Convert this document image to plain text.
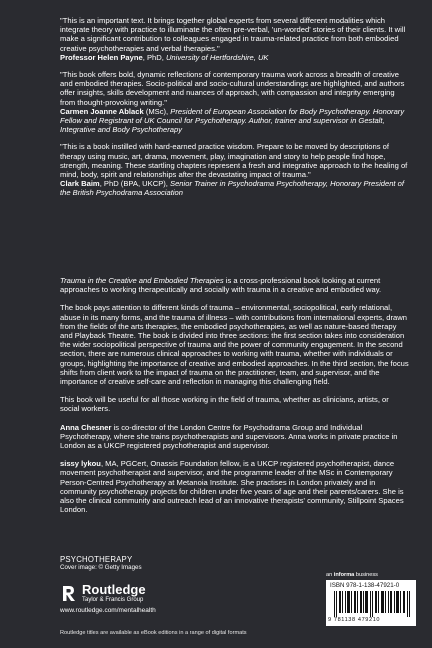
"This is an important text. It brings together global experts from several different modalities which integrate theory with practice to illuminate the often pre-verbal, 'un-worded' stories of their clients. It will make a significant contribution to colleagues engaged in trauma-related practice from both embodied creative psychotherapies and verbal therapies."
Professor Helen Payne, PhD, University of Hertfordshire, UK
"This book offers bold, dynamic reflections of contemporary trauma work across a breadth of creative and embodied therapies. Socio-political and socio-cultural understandings are highlighted, and authors offer insights, skills development and nuances of approach, with compassion and integrity emerging from thought-provoking writing."
Carmen Joanne Ablack (MSc), President of European Association for Body Psychotherapy. Honorary Fellow and Registrant of UK Council for Psychotherapy. Author, trainer and supervisor in Gestalt, Integrative and Body Psychotherapy
"This is a book instilled with hard-earned practice wisdom. Prepare to be moved by descriptions of therapy using music, art, drama, movement, play, imagination and story to help people find hope, strength, meaning. These startling chapters represent a fresh and integrative approach to the healing of mind, body, spirit and relationships after the devastating impact of trauma."
Clark Baim, PhD (BPA, UKCP), Senior Trainer in Psychodrama Psychotherapy, Honorary President of the British Psychodrama Association
Trauma in the Creative and Embodied Therapies is a cross-professional book looking at current approaches to working therapeutically and socially with trauma in a creative and embodied way.
The book pays attention to different kinds of trauma – environmental, sociopolitical, early relational, abuse in its many forms, and the trauma of illness – with contributions from international experts, drawn from the fields of the arts therapies, the embodied psychotherapies, as well as nature-based therapy and Playback Theatre. The book is divided into three sections: the first section takes into consideration the wider sociopolitical perspective of trauma and the power of community engagement. In the second section, there are numerous clinical approaches to working with trauma, whether with individuals or groups, highlighting the importance of creative and embodied approaches. In the third section, the focus shifts from client work to the impact of trauma on the practitioner, team, and supervisor, and the importance of creative self-care and reflection in managing this challenging field.
This book will be useful for all those working in the field of trauma, whether as clinicians, artists, or social workers.
Anna Chesner is co-director of the London Centre for Psychodrama Group and Individual Psychotherapy, where she trains psychotherapists and supervisors. Anna works in private practice in London as a UKCP registered psychotherapist and supervisor.
sissy lykou, MA, PGCert, Onassis Foundation fellow, is a UKCP registered psychotherapist, dance movement psychotherapist and supervisor, and the programme leader of the MSc in Contemporary Person-Centred Psychotherapy at Metanoia Institute. She practises in London privately and in community psychotherapy projects for children under five years of age and their parents/carers. She is also the clinical community and outreach lead of an innovative therapists' community, Stillpoint Spaces London.
PSYCHOTHERAPY
Cover image: © Getty Images
Routledge
Taylor & Francis Group
www.routledge.com/mentalhealth
Routledge titles are available as eBook editions in a range of digital formats
an informa business
ISBN 978-1-138-47921-0
9 781138 479210
